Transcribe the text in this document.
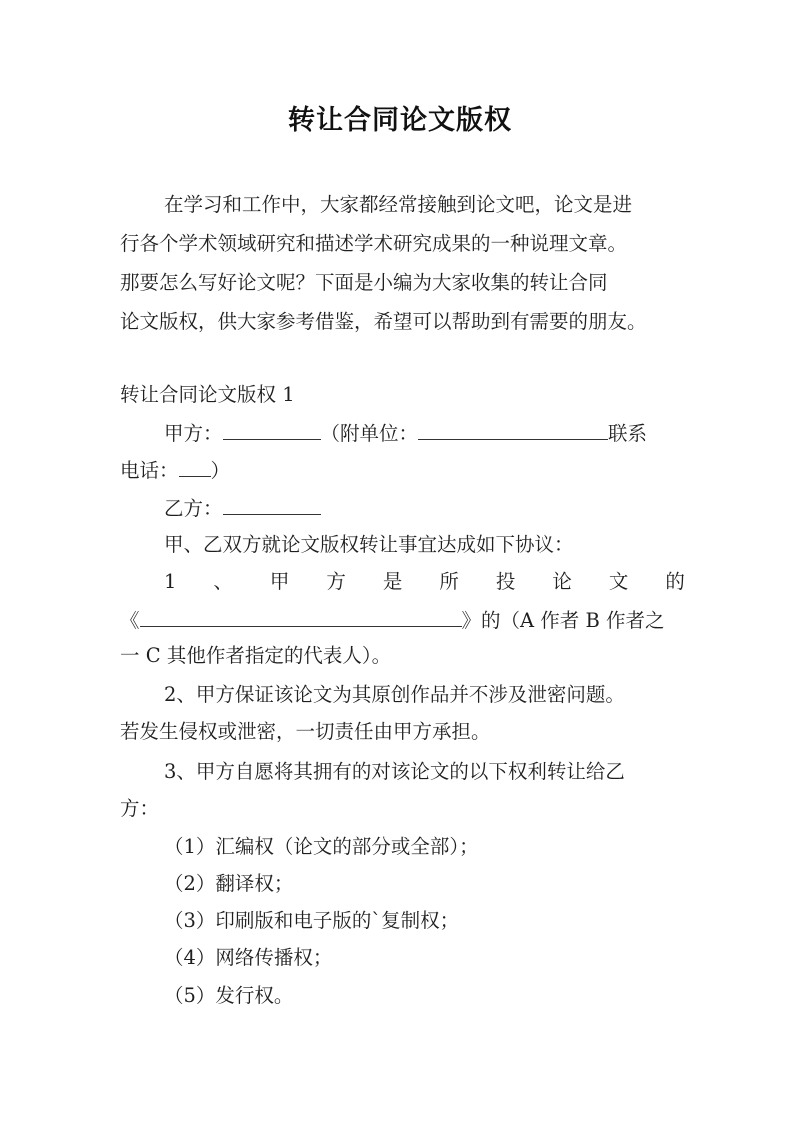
转让合同论文版权
在学习和工作中，大家都经常接触到论文吧，论文是进
行各个学术领域研究和描述学术研究成果的一种说理文章。
那要怎么写好论文呢？下面是小编为大家收集的转让合同
论文版权，供大家参考借鉴，希望可以帮助到有需要的朋友。
转让合同论文版权 1
甲方：	（附单位：	联系
电话： ）
乙方：
甲、乙双方就论文版权转让事宜达成如下协议：
1 、 甲 方 是 所 投 论 文 的
《	》的（A 作者 B 作者之
一 C 其他作者指定的代表人）。
2、甲方保证该论文为其原创作品并不涉及泄密问题。
若发生侵权或泄密，一切责任由甲方承担。
3、甲方自愿将其拥有的对该论文的以下权利转让给乙
方：
（1）汇编权（论文的部分或全部）；
（2）翻译权；
（3）印刷版和电子版的`复制权；
（4）网络传播权；
（5）发行权。
